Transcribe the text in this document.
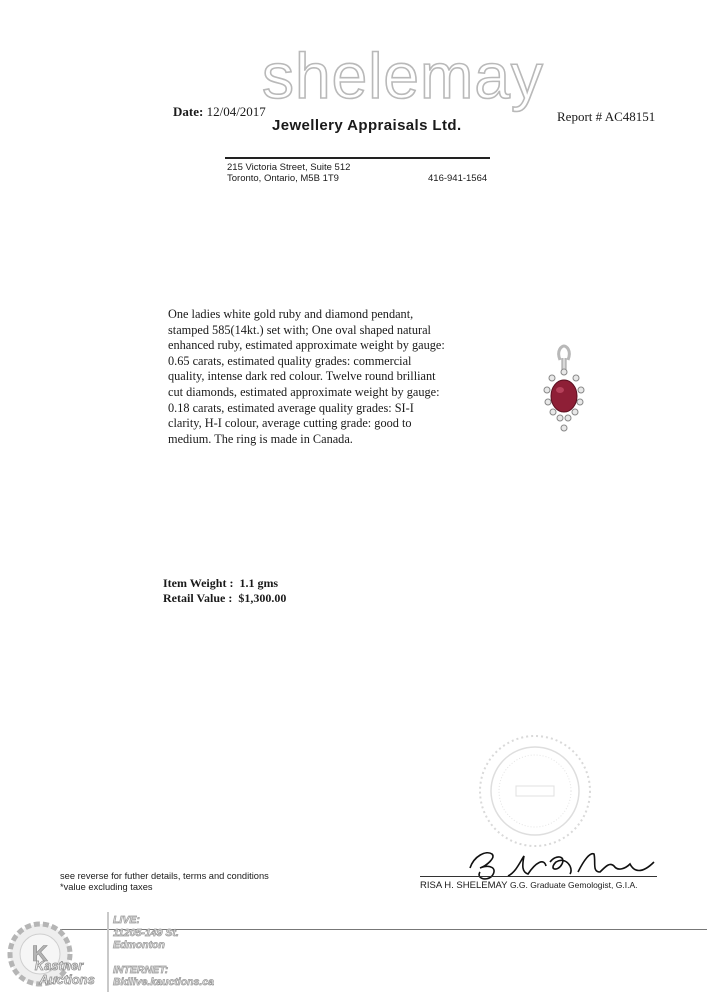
shelemay
Jewellery Appraisals Ltd.
Date: 12/04/2017	Report # AC48151
215 Victoria Street, Suite 512
Toronto, Ontario, M5B 1T9	416-941-1564
One ladies white gold ruby and diamond pendant,
stamped 585(14kt.) set with; One oval shaped natural
enhanced ruby, estimated approximate weight by gauge:
0.65 carats, estimated quality grades: commercial
quality, intense dark red colour. Twelve round brilliant
cut diamonds, estimated approximate weight by gauge:
0.18 carats, estimated average quality grades: SI-I
clarity, H-I colour, average cutting grade: good to
medium. The ring is made in Canada.
Item Weight : 1.1 gms
Retail Value : $1,300.00
see reverse for futher details, terms and conditions
*value excluding taxes	RISA H. SHELEMAY G.G. Graduate Gemologist, G.I.A.
K
Kastner
Auctions
LIVE:
11205-149 St.
Edmonton
INTERNET:
Bidlive.kauctions.ca
